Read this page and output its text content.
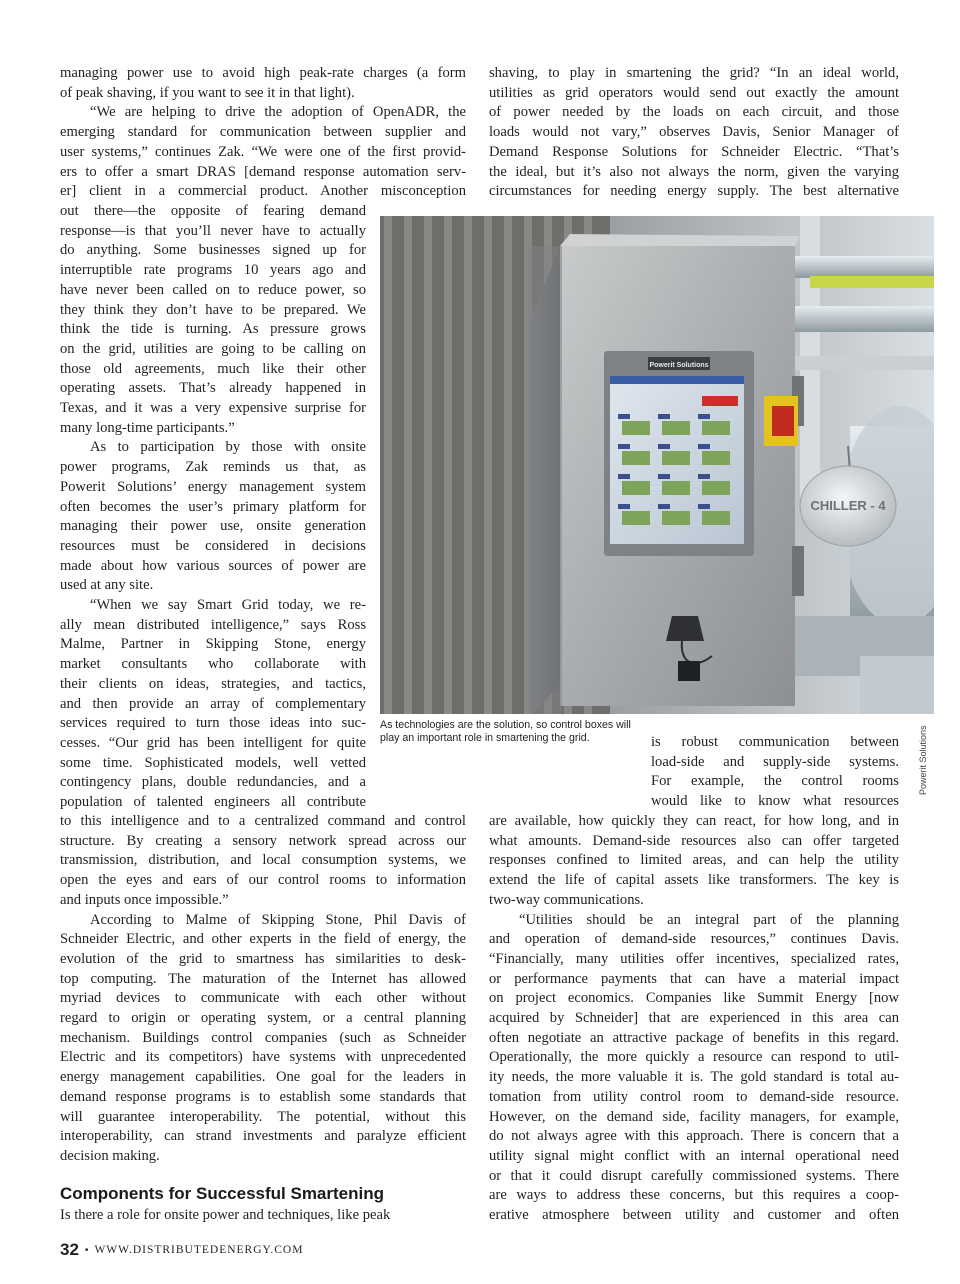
managing power use to avoid high peak-rate charges (a form
of peak shaving, if you want to see it in that light).
“We are helping to drive the adoption of OpenADR, the
emerging standard for communication between supplier and
user systems,” continues Zak. “We were one of the first provid-
ers to offer a smart DRAS [demand response automation serv-
er] client in a commercial product. Another misconception
out there—the opposite of fearing demand
response—is that you’ll never have to actually
do anything. Some businesses signed up for
interruptible rate programs 10 years ago and
have never been called on to reduce power, so
they think they don’t have to be prepared. We
think the tide is turning. As pressure grows
on the grid, utilities are going to be calling on
those old agreements, much like their other
operating assets. That’s already happened in
Texas, and it was a very expensive surprise for
many long-time participants.”
As to participation by those with onsite
power programs, Zak reminds us that, as
Powerit Solutions’ energy management system
often becomes the user’s primary platform for
managing their power use, onsite generation
resources must be considered in decisions
made about how various sources of power are
used at any site.
“When we say Smart Grid today, we re-
ally mean distributed intelligence,” says Ross
Malme, Partner in Skipping Stone, energy
market consultants who collaborate with
their clients on ideas, strategies, and tactics,
and then provide an array of complementary
services required to turn those ideas into suc-
cesses. “Our grid has been intelligent for quite
some time. Sophisticated models, well vetted
contingency plans, double redundancies, and a
population of talented engineers all contribute
to this intelligence and to a centralized command and control
structure. By creating a sensory network spread across our
transmission, distribution, and local consumption systems, we
open the eyes and ears of our control rooms to information
and inputs once impossible.”
According to Malme of Skipping Stone, Phil Davis of
Schneider Electric, and other experts in the field of energy, the
evolution of the grid to smartness has similarities to desk-
top computing. The maturation of the Internet has allowed
myriad devices to communicate with each other without
regard to origin or operating system, or a central planning
mechanism. Buildings control companies (such as Schneider
Electric and its competitors) have systems with unprecedented
energy management capabilities. One goal for the leaders in
demand response programs is to establish some standards that
will guarantee interoperability. The potential, without this
interoperability, can strand investments and paralyze efficient
decision making.
Components for Successful Smartening
Is there a role for onsite power and techniques, like peak
shaving, to play in smartening the grid? “In an ideal world,
utilities as grid operators would send out exactly the amount
of power needed by the loads on each circuit, and those
loads would not vary,” observes Davis, Senior Manager of
Demand Response Solutions for Schneider Electric. “That’s
the ideal, but it’s also not always the norm, given the varying
circumstances for needing energy supply. The best alternative
is robust communication between
load-side and supply-side systems.
For example, the control rooms
would like to know what resources
are available, how quickly they can react, for how long, and in
what amounts. Demand-side resources also can offer targeted
responses confined to limited areas, and can help the utility
extend the life of capital assets like transformers. The key is
two-way communications.
“Utilities should be an integral part of the planning
and operation of demand-side resources,” continues Davis.
“Financially, many utilities offer incentives, specialized rates,
or performance payments that can have a material impact
on project economics. Companies like Summit Energy [now
acquired by Schneider] that are experienced in this area can
often negotiate an attractive package of benefits in this regard.
Operationally, the more quickly a resource can respond to util-
ity needs, the more valuable it is. The gold standard is total au-
tomation from utility control room to demand-side resource.
However, on the demand side, facility managers, for example,
do not always agree with this approach. There is concern that a
utility signal might conflict with an internal operational need
or that it could disrupt carefully commissioned systems. There
are ways to address these concerns, but this requires a coop-
erative atmosphere between utility and customer and often
CHILLER - 4
Powerit Solutions
As technologies are the solution, so control boxes will play an important role in smartening the grid.	Powerit Solutions
32 • WWW.DISTRIBUTEDENERGY.COM
